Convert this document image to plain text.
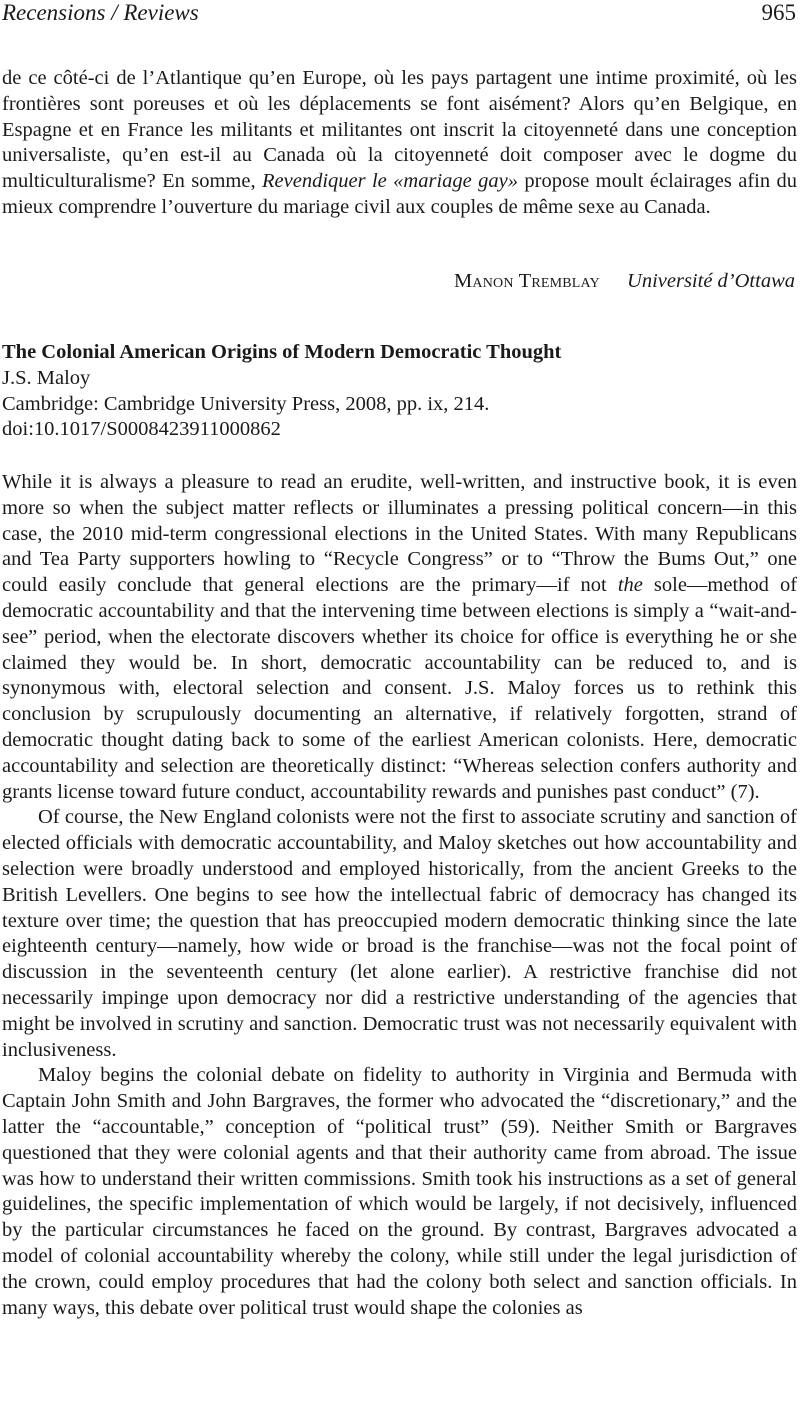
Recensions / Reviews	965

de ce côté-ci de l’Atlantique qu’en Europe, où les pays partagent une intime proximité, où les frontières sont poreuses et où les déplacements se font aisément? Alors qu’en Belgique, en Espagne et en France les militants et militantes ont inscrit la citoyenneté dans une conception universaliste, qu’en est-il au Canada où la citoyenneté doit composer avec le dogme du multiculturalisme? En somme, Revendiquer le «mariage gay» propose moult éclairages afin du mieux comprendre l’ouverture du mariage civil aux couples de même sexe au Canada.

Manon Tremblay Université d’Ottawa
The Colonial American Origins of Modern Democratic Thought
J.S. Maloy
Cambridge: Cambridge University Press, 2008, pp. ix, 214.
doi:10.1017/S0008423911000862

While it is always a pleasure to read an erudite, well-written, and instructive book, it is even more so when the subject matter reflects or illuminates a pressing political concern—in this case, the 2010 mid-term congressional elections in the United States. With many Republicans and Tea Party supporters howling to “Recycle Congress” or to “Throw the Bums Out,” one could easily conclude that general elections are the primary—if not the sole—method of democratic accountability and that the intervening time between elections is simply a “wait-and-see” period, when the electorate discovers whether its choice for office is everything he or she claimed they would be. In short, democratic accountability can be reduced to, and is synonymous with, electoral selection and consent. J.S. Maloy forces us to rethink this conclusion by scrupulously documenting an alternative, if relatively forgotten, strand of democratic thought dating back to some of the earliest American colonists. Here, democratic accountability and selection are theoretically distinct: “Whereas selection confers authority and grants license toward future conduct, accountability rewards and punishes past conduct” (7).

Of course, the New England colonists were not the first to associate scrutiny and sanction of elected officials with democratic accountability, and Maloy sketches out how accountability and selection were broadly understood and employed historically, from the ancient Greeks to the British Levellers. One begins to see how the intellectual fabric of democracy has changed its texture over time; the question that has preoccupied modern democratic thinking since the late eighteenth century—namely, how wide or broad is the franchise—was not the focal point of discussion in the seventeenth century (let alone earlier). A restrictive franchise did not necessarily impinge upon democracy nor did a restrictive understanding of the agencies that might be involved in scrutiny and sanction. Democratic trust was not necessarily equivalent with inclusiveness.

Maloy begins the colonial debate on fidelity to authority in Virginia and Bermuda with Captain John Smith and John Bargraves, the former who advocated the “discretionary,” and the latter the “accountable,” conception of “political trust” (59). Neither Smith or Bargraves questioned that they were colonial agents and that their authority came from abroad. The issue was how to understand their written commissions. Smith took his instructions as a set of general guidelines, the specific implementation of which would be largely, if not decisively, influenced by the particular circumstances he faced on the ground. By contrast, Bargraves advocated a model of colonial accountability whereby the colony, while still under the legal jurisdiction of the crown, could employ procedures that had the colony both select and sanction officials. In many ways, this debate over political trust would shape the colonies as
